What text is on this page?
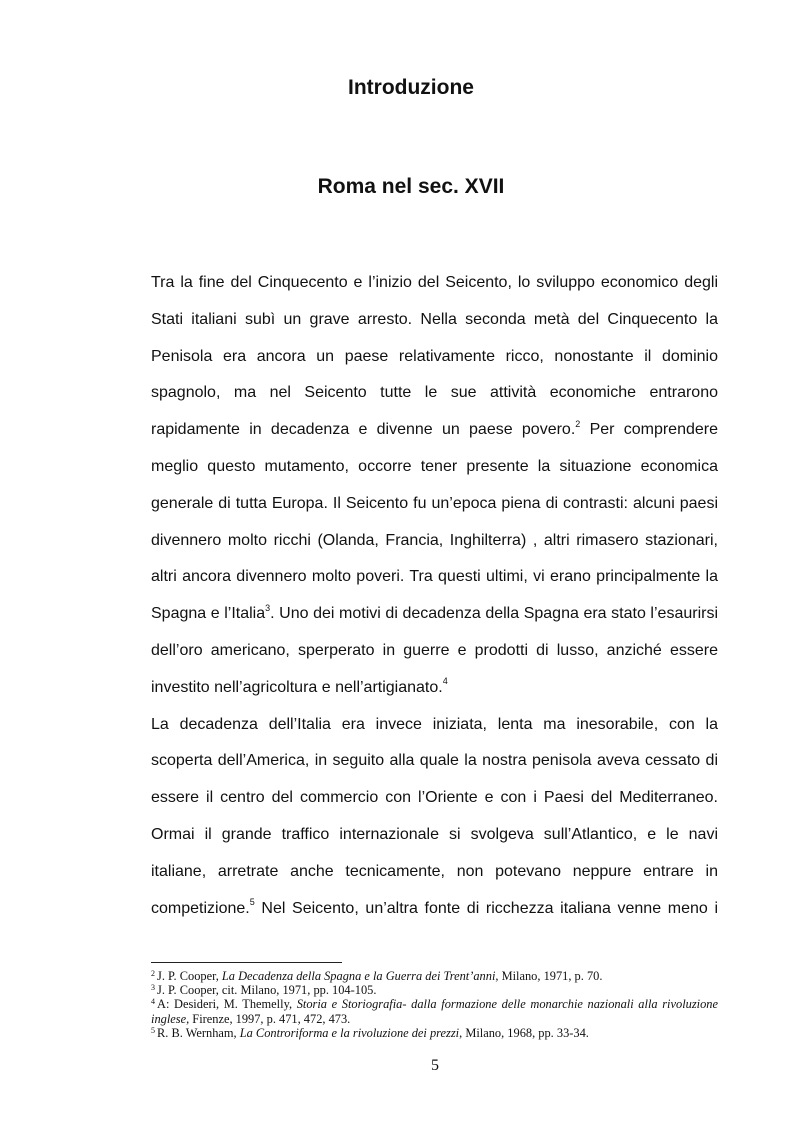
Introduzione
Roma nel sec. XVII
Tra la fine del Cinquecento e l’inizio del Seicento, lo sviluppo economico degli
Stati italiani subì un grave arresto. Nella seconda metà del Cinquecento la
Penisola era ancora un paese relativamente ricco, nonostante il dominio
spagnolo, ma nel Seicento tutte le sue attività economiche entrarono
rapidamente in decadenza e divenne un paese povero.$^2$ Per comprendere
meglio questo mutamento, occorre tener presente la situazione economica
generale di tutta Europa. Il Seicento fu un’epoca piena di contrasti: alcuni paesi
divennero molto ricchi (Olanda, Francia, Inghilterra) , altri rimasero stazionari,
altri ancora divennero molto poveri. Tra questi ultimi, vi erano principalmente la
Spagna e l’Italia$^3$. Uno dei motivi di decadenza della Spagna era stato l’esaurirsi
dell’oro americano, sperperato in guerre e prodotti di lusso, anziché essere
investito nell’agricoltura e nell’artigianato.$^4$
La decadenza dell’Italia era invece iniziata, lenta ma inesorabile, con la
scoperta dell’America, in seguito alla quale la nostra penisola aveva cessato di
essere il centro del commercio con l’Oriente e con i Paesi del Mediterraneo.
Ormai il grande traffico internazionale si svolgeva sull’Atlantico, e le navi
italiane, arretrate anche tecnicamente, non potevano neppure entrare in
competizione.$^5$ Nel Seicento, un’altra fonte di ricchezza italiana venne meno i
$^2$ J. P. Cooper, La Decadenza della Spagna e la Guerra dei Trent’anni, Milano, 1971, p. 70.
$^3$ J. P. Cooper, cit. Milano, 1971, pp. 104-105.
$^4$ A: Desideri, M. Themelly, Storia e Storiografia- dalla formazione delle monarchie nazionali alla rivoluzione inglese, Firenze, 1997, p. 471, 472, 473.
$^5$ R. B. Wernham, La Controriforma e la rivoluzione dei prezzi, Milano, 1968, pp. 33-34.
5
